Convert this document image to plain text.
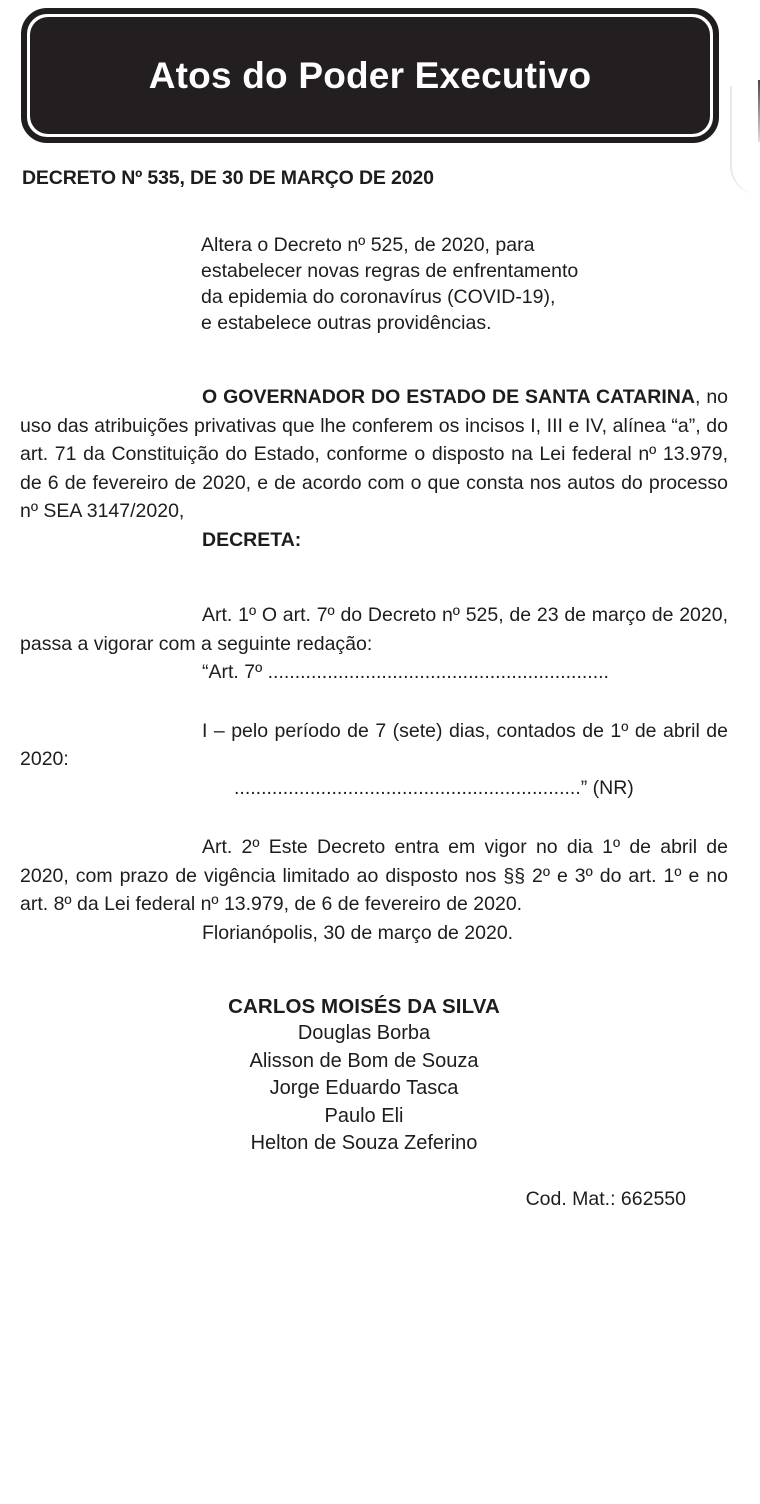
Atos do Poder Executivo
DECRETO Nº 535, DE 30 DE MARÇO DE 2020
Altera o Decreto nº 525, de 2020, para
estabelecer novas regras de enfrentamento
da epidemia do coronavírus (COVID-19),
e estabelece outras providências.

O GOVERNADOR DO ESTADO DE SANTA CATARINA, no uso das atribuições privativas que lhe conferem os incisos I, III e IV, alínea “a”, do art. 71 da Constituição do Estado, conforme o disposto na Lei federal nº 13.979, de 6 de fevereiro de 2020, e de acordo com o que consta nos autos do processo nº SEA 3147/2020,

DECRETA:

Art. 1º O art. 7º do Decreto nº 525, de 23 de março de 2020, passa a vigorar com a seguinte redação:

“Art. 7º ...............................................................

I – pelo período de 7 (sete) dias, contados de 1º de abril de 2020:

................................................................” (NR)

Art. 2º Este Decreto entra em vigor no dia 1º de abril de 2020, com prazo de vigência limitado ao disposto nos §§ 2º e 3º do art. 1º e no art. 8º da Lei federal nº 13.979, de 6 de fevereiro de 2020.

Florianópolis, 30 de março de 2020.

CARLOS MOISÉS DA SILVA
Douglas Borba
Alisson de Bom de Souza
Jorge Eduardo Tasca
Paulo Eli
Helton de Souza Zeferino
Cod. Mat.: 662550
